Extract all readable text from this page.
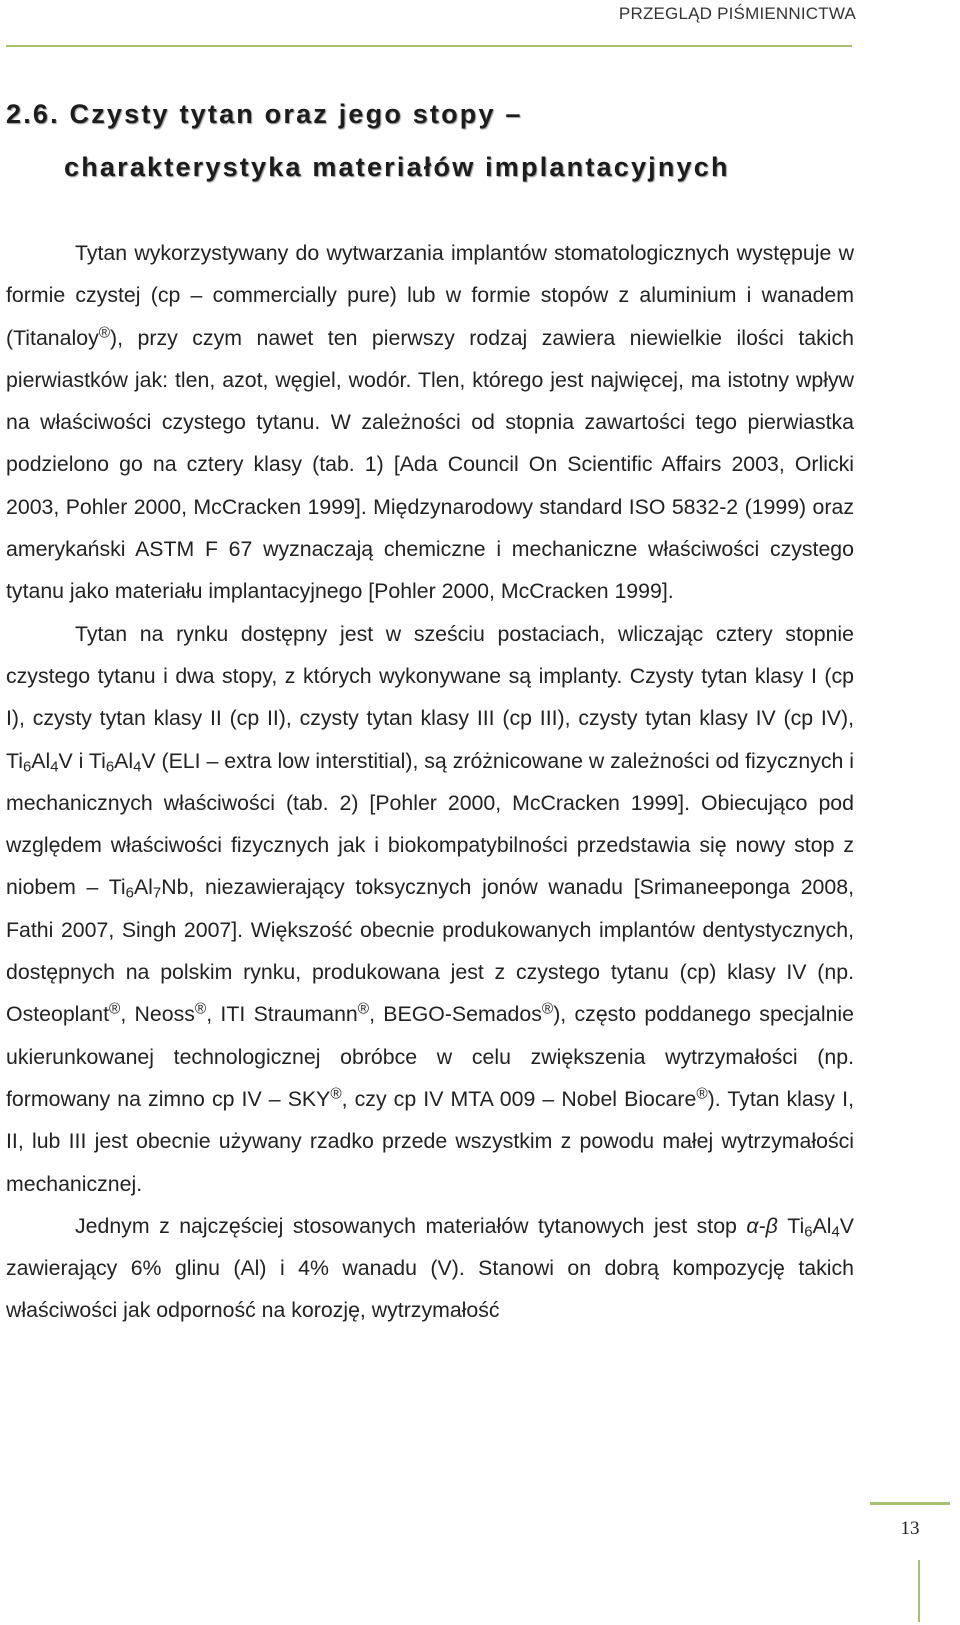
PRZEGLĄD PIŚMIENNICTWA
2.6. Czysty tytan oraz jego stopy –
charakterystyka materiałów implantacyjnych

Tytan wykorzystywany do wytwarzania implantów stomatologicznych występuje w formie czystej (cp – commercially pure) lub w formie stopów z aluminium i wanadem (Titanaloy®), przy czym nawet ten pierwszy rodzaj zawiera niewielkie ilości takich pierwiastków jak: tlen, azot, węgiel, wodór. Tlen, którego jest najwięcej, ma istotny wpływ na właściwości czystego tytanu. W zależności od stopnia zawartości tego pierwiastka podzielono go na cztery klasy (tab. 1) [Ada Council On Scientific Affairs 2003, Orlicki 2003, Pohler 2000, McCracken 1999]. Międzynarodowy standard ISO 5832-2 (1999) oraz amerykański ASTM F 67 wyznaczają chemiczne i mechaniczne właściwości czystego tytanu jako materiału implantacyjnego [Pohler 2000, McCracken 1999].

Tytan na rynku dostępny jest w sześciu postaciach, wliczając cztery stopnie czystego tytanu i dwa stopy, z których wykonywane są implanty. Czysty tytan klasy I (cp I), czysty tytan klasy II (cp II), czysty tytan klasy III (cp III), czysty tytan klasy IV (cp IV), $Ti_6Al_4V$ i $Ti_6Al_4V$ (ELI – extra low interstitial), są zróżnicowane w zależności od fizycznych i mechanicznych właściwości (tab. 2) [Pohler 2000, McCracken 1999]. Obiecująco pod względem właściwości fizycznych jak i biokompatybilności przedstawia się nowy stop z niobem – $Ti_6Al_7Nb$, niezawierający toksycznych jonów wanadu [Srimaneeponga 2008, Fathi 2007, Singh 2007]. Większość obecnie produkowanych implantów dentystycznych, dostępnych na polskim rynku, produkowana jest z czystego tytanu (cp) klasy IV (np. Osteoplant®, Neoss®, ITI Straumann®, BEGO-Semados®), często poddanego specjalnie ukierunkowanej technologicznej obróbce w celu zwiększenia wytrzymałości (np. formowany na zimno cp IV – SKY®, czy cp IV MTA 009 – Nobel Biocare®). Tytan klasy I, II, lub III jest obecnie używany rzadko przede wszystkim z powodu małej wytrzymałości mechanicznej.

Jednym z najczęściej stosowanych materiałów tytanowych jest stop α-β $Ti_6Al_4V$ zawierający 6% glinu (Al) i 4% wanadu (V). Stanowi on dobrą kompozycję takich właściwości jak odporność na korozję, wytrzymałość

13
